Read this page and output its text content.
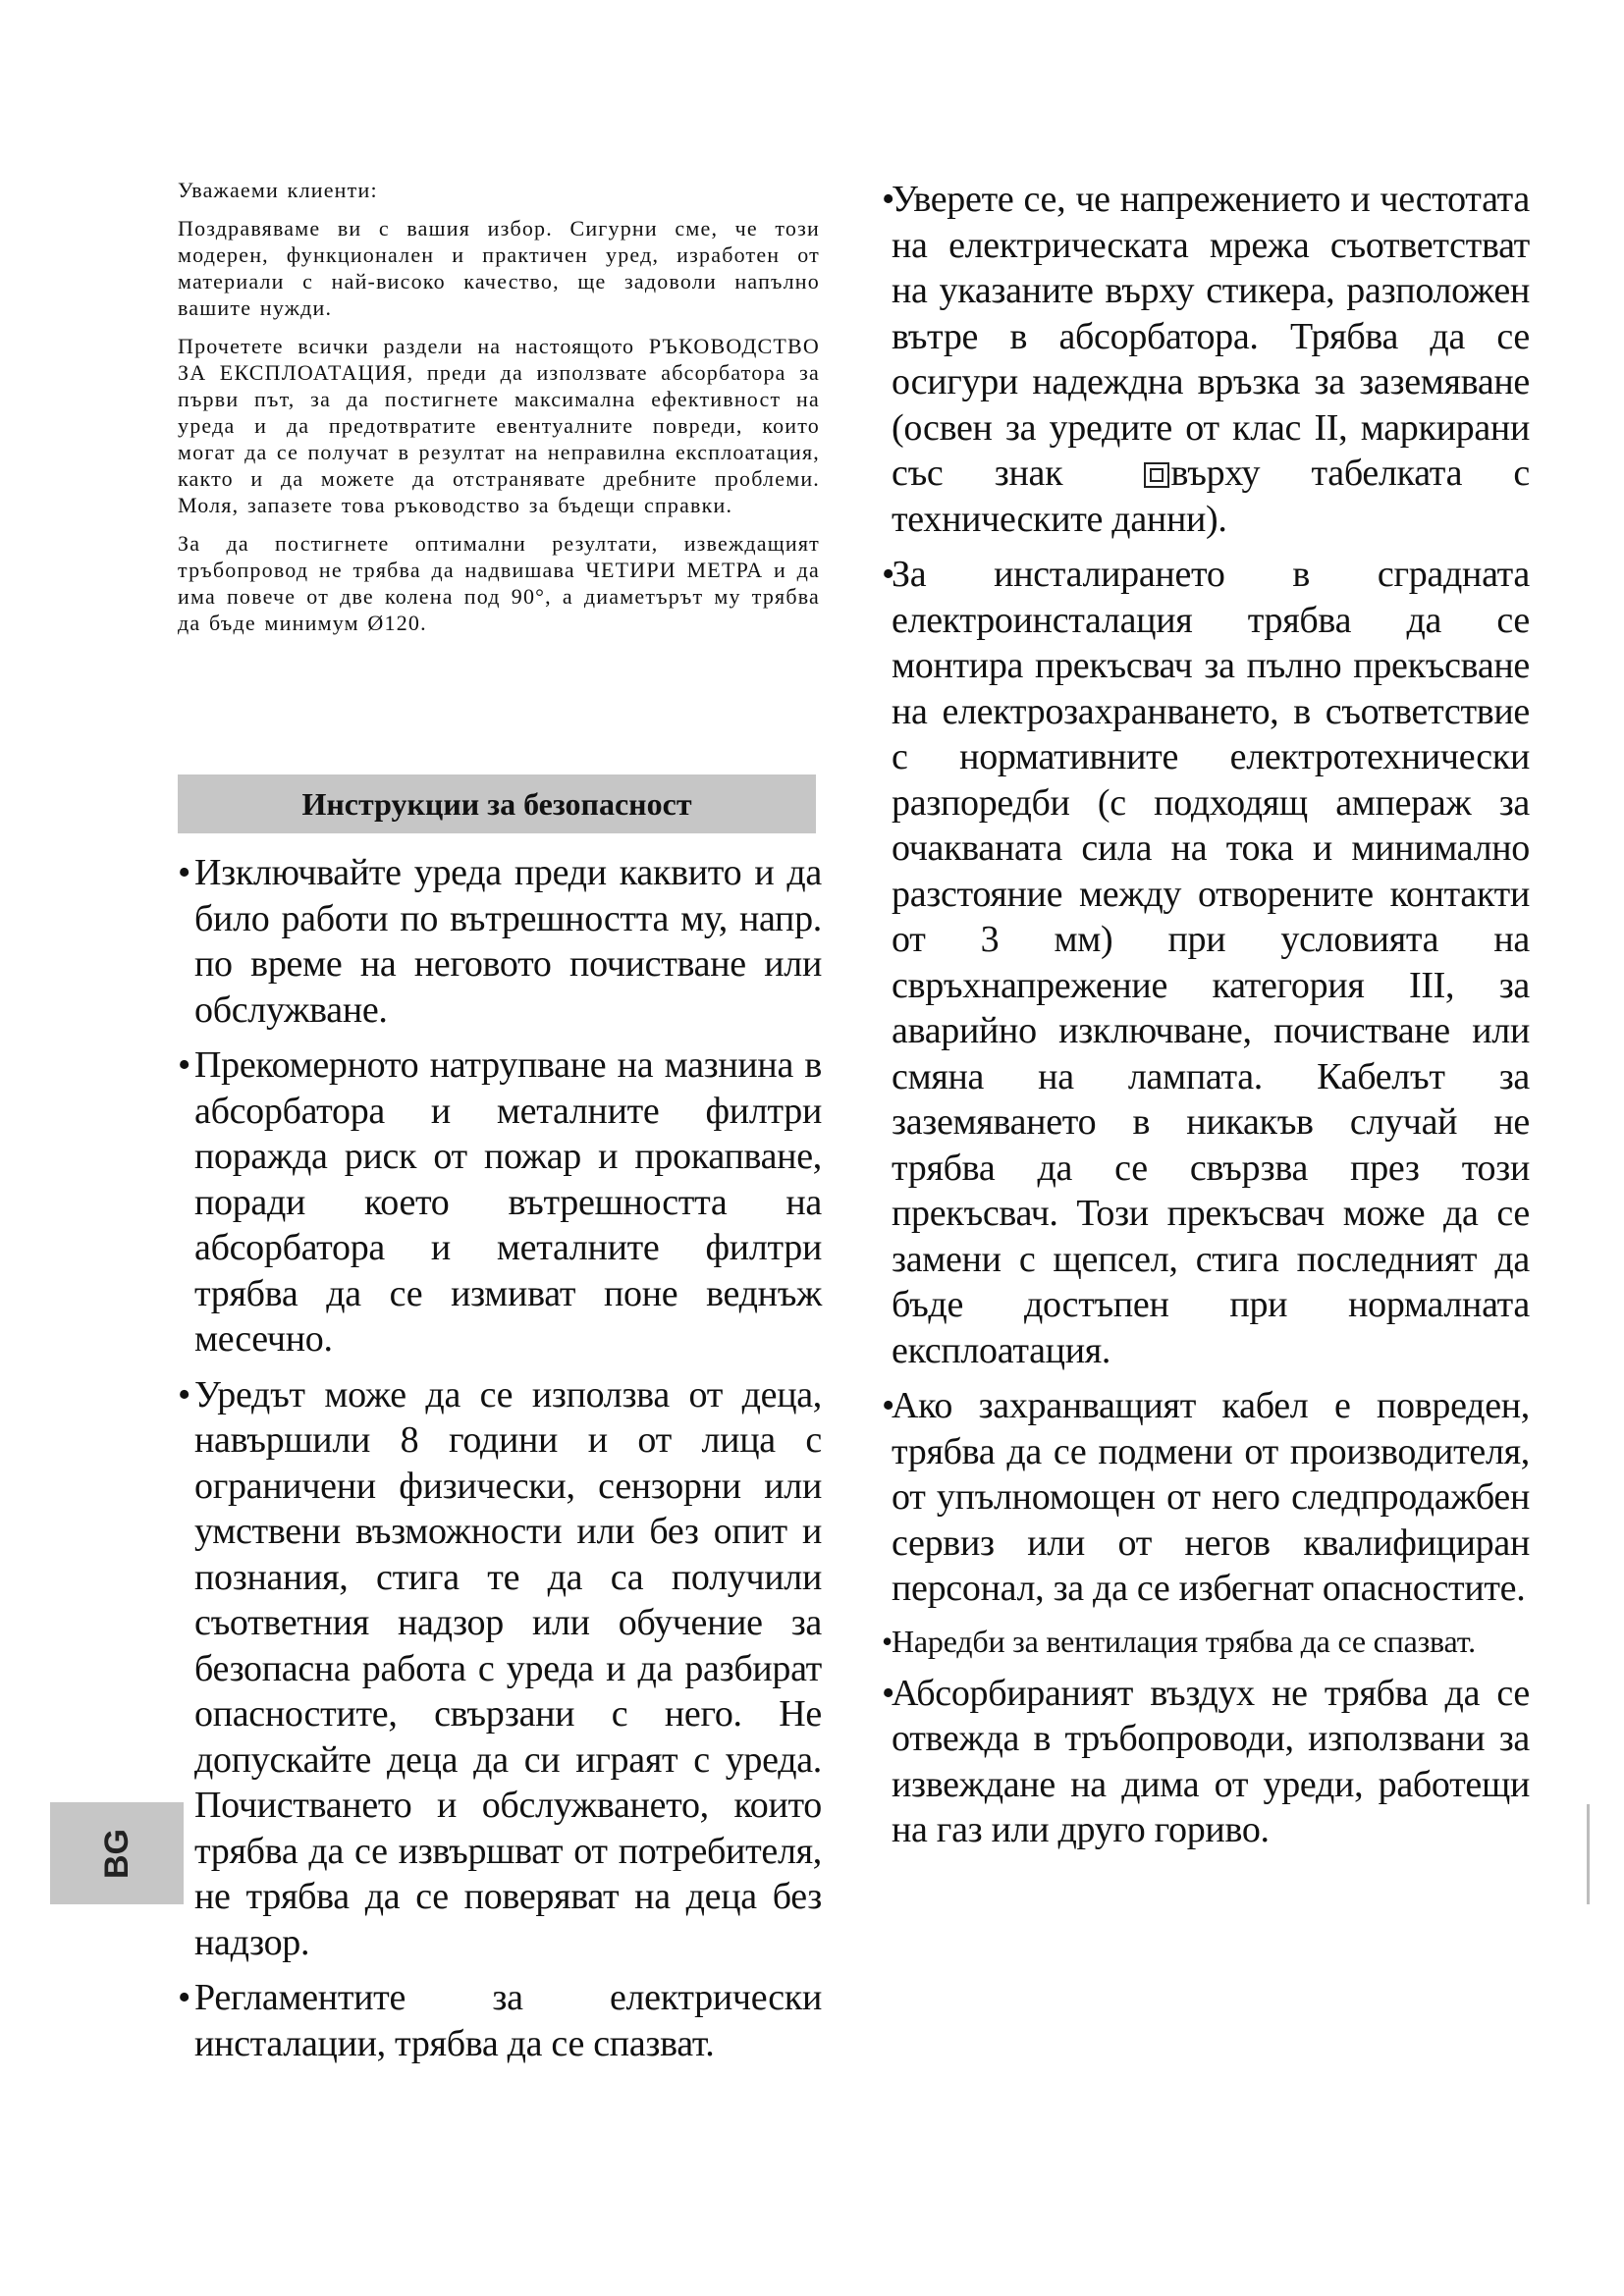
Уважаеми клиенти:

Поздравяваме ви с вашия избор. Сигурни сме, че този модерен, функционален и практичен уред, изработен от материали с най-високо качество, ще задоволи напълно вашите нужди.

Прочетете всички раздели на настоящото РЪКОВОДСТВО ЗА ЕКСПЛОАТАЦИЯ, преди да използвате абсорбатора за първи път, за да постигнете максимална ефективност на уреда и да предотвратите евентуалните повреди, които могат да се получат в резултат на неправилна експлоатация, както и да можете да отстранявате дребните проблеми. Моля, запазете това ръководство за бъдещи справки.

За да постигнете оптимални резултати, извеждащият тръбопровод не трябва да надвишава ЧЕТИРИ МЕТРА и да има повече от две колена под 90°, а диаметърът му трябва да бъде минимум Ø120.

Инструкции за безопасност

• Изключвайте уреда преди каквито и да било работи по вътрешността му, напр. по време на неговото почистване или обслужване.

• Прекомерното натрупване на мазнина в абсорбатора и металните филтри поражда риск от пожар и прокапване, поради което вътрешността на абсорбатора и металните филтри трябва да се измиват поне веднъж месечно.

• Уредът може да се използва от деца, навършили 8 години и от лица с ограничени физически, сензорни или умствени възможности или без опит и познания, стига те да са получили съответния надзор или обучение за безопасна работа с уреда и да разбират опасностите, свързани с него. Не допускайте деца да си играят с уреда. Почистването и обслужването, които трябва да се извършват от потребителя, не трябва да се поверяват на деца без надзор.

• Регламентите за електрически инсталации, трябва да се спазват.

•
Уверете се, че напрежението и честотата на електрическата мрежа съответстват на указаните върху стикера, разположен вътре в абсорбатора. Трябва да се осигури надеждна връзка за заземяване (освен за уредите от клас II, маркирани със знак	върху табелката с техническите данни).

•
За инсталирането в сградната електроинсталация трябва да се монтира прекъсвач за пълно прекъсване на електрозахранването, в съответствие с нормативните електротехнически разпоредби (с подходящ ампераж за очакваната сила на тока и минимално разстояние между отворените контакти от 3 мм) при условията на свръхнапрежение категория III, за аварийно изключване, почистване или смяна на лампата. Кабелът за заземяването в никакъв случай не трябва да се свързва през този прекъсвач. Този прекъсвач може да се замени с щепсел, стига последният да бъде достъпен при нормалната експлоатация.

•
Ако захранващият кабел е повреден, трябва да се подмени от производителя, от упълномощен от него следпродажбен сервиз или от негов квалифициран персонал, за да се избегнат опасностите.

•
Наредби за вентилация трябва да се спазват.

•
Абсорбираният въздух не трябва да се отвежда в тръбопроводи, използвани за извеждане на дима от уреди, работещи на газ или друго гориво.

BG
